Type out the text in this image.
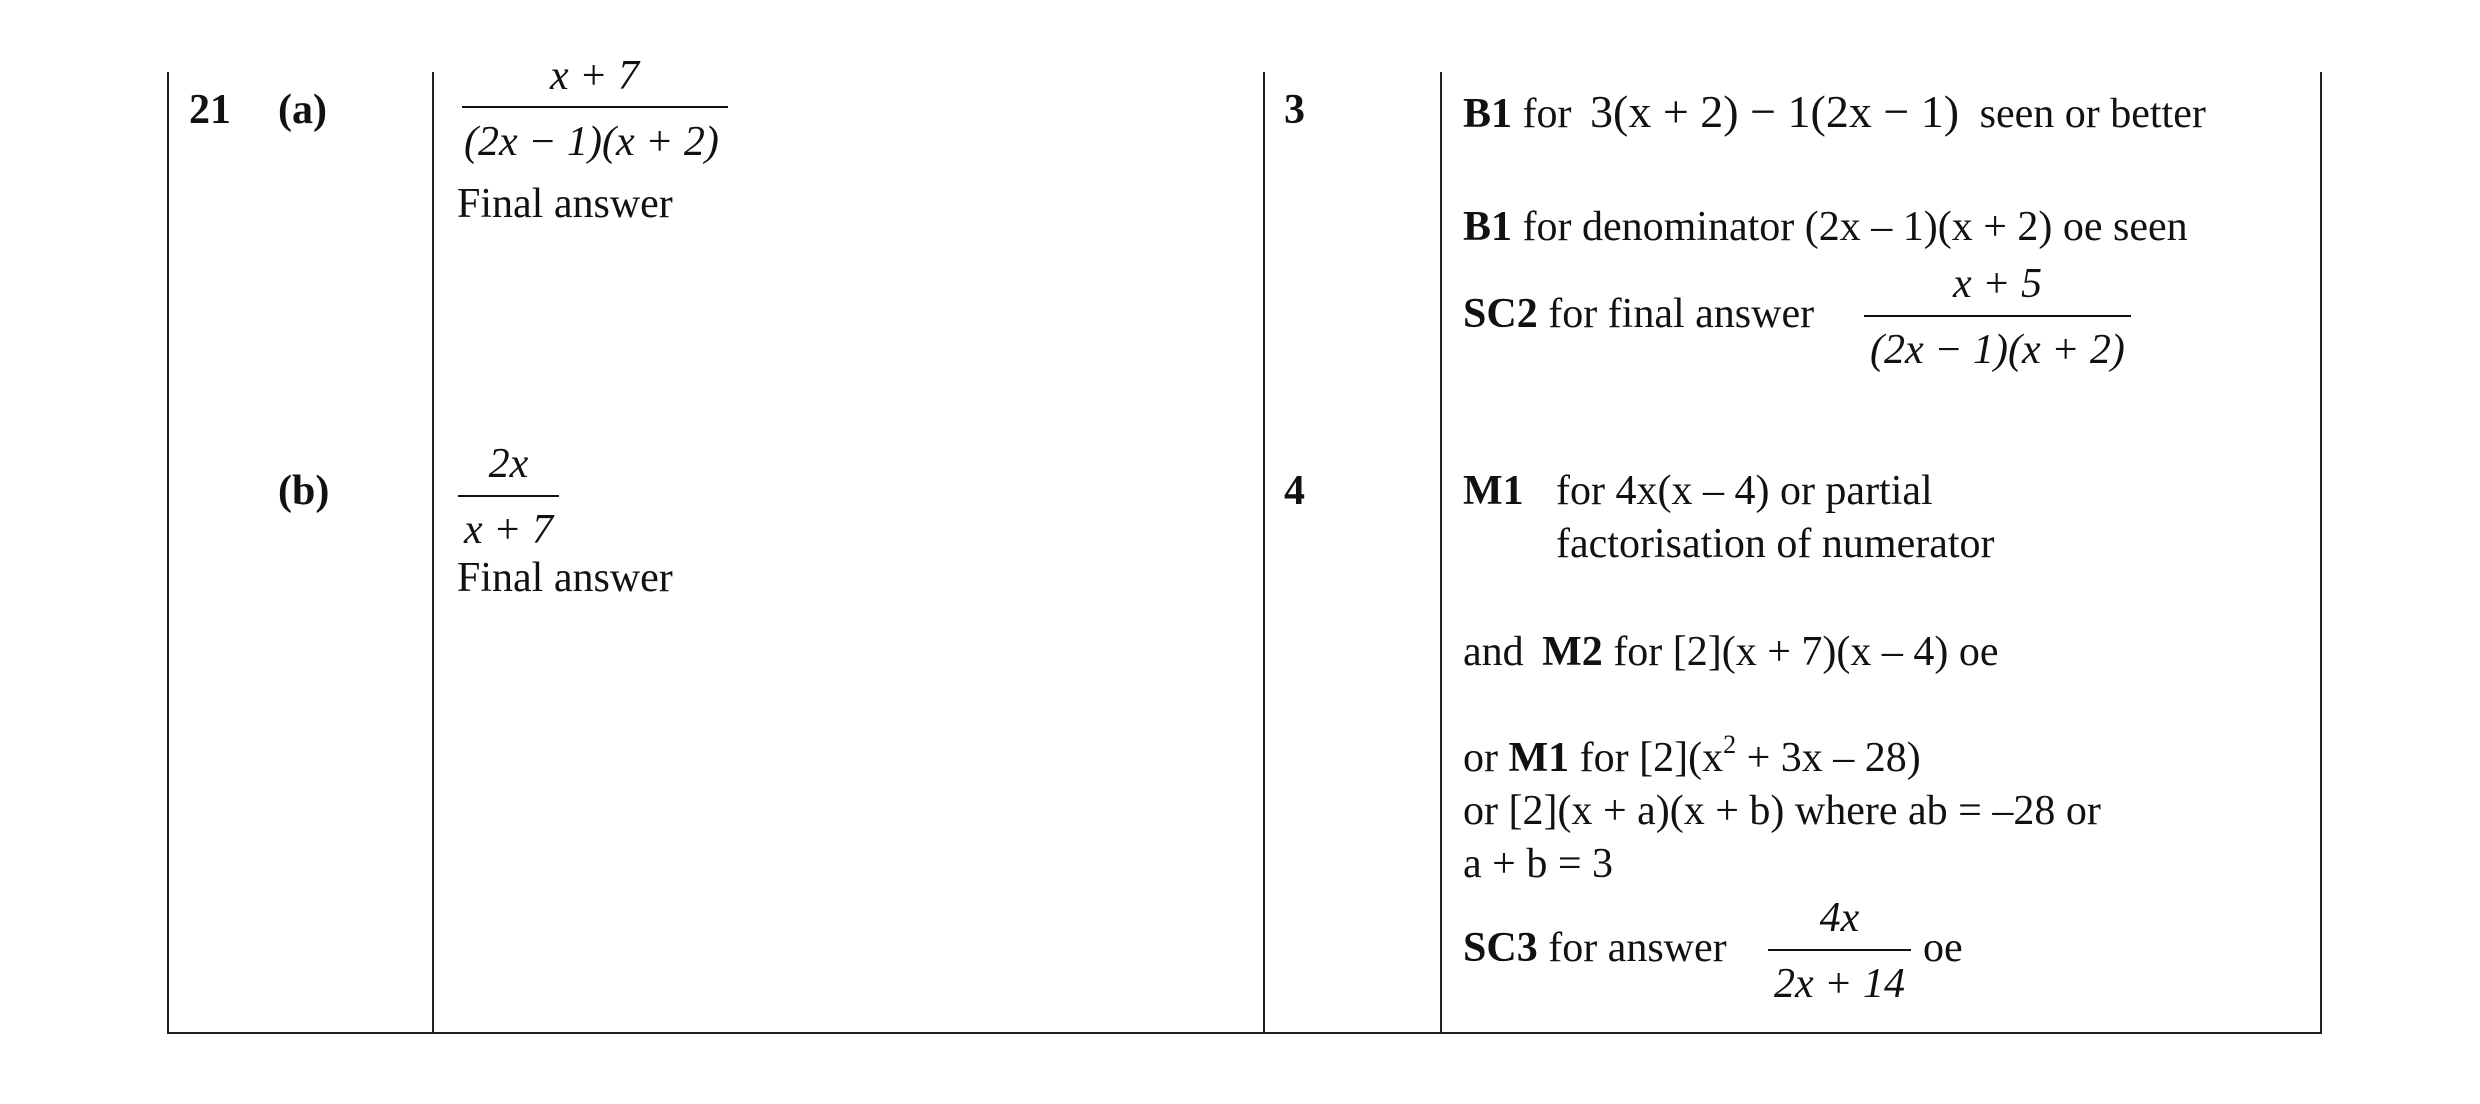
21 (a)
(b)
x + 7
(2x − 1)(x + 2)
Final answer
3	B1 for 3(x + 2) − 1(2x − 1) seen or better
B1 for denominator (2x – 1)(x + 2) oe seen
SC2 for final answer
x + 5
(2x − 1)(x + 2)
2x
x + 7
Final answer
4	M1 for 4x(x – 4) or partial
factorisation of numerator
and M2 for [2](x + 7)(x – 4) oe
or M1 for $[2](x^2 + 3x - 28)$
or [2](x + a)(x + b) where ab = –28 or
a + b = 3
SC3 for answer
4x
2x + 14
oe
